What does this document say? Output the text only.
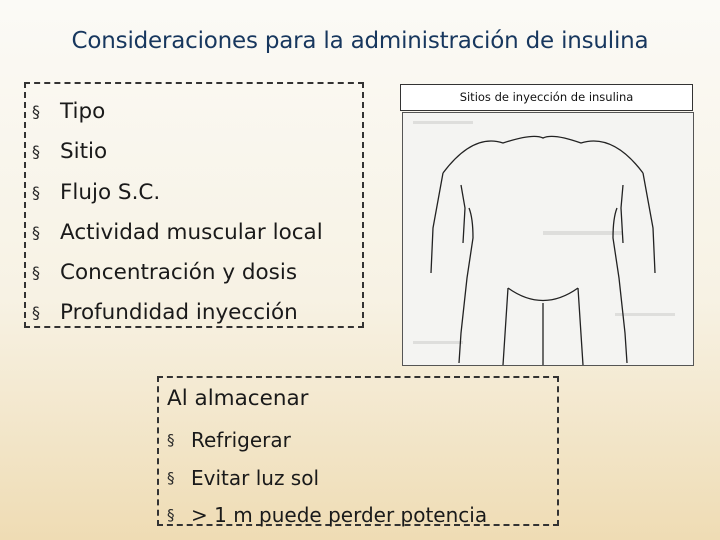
Consideraciones para la administración de insulina
§ Tipo
§ Sitio
§ Flujo S.C.
§ Actividad muscular local
§ Concentración y dosis
§ Profundidad inyección
Sitios de inyección de insulina
Al almacenar
§ Refrigerar
§ Evitar luz sol
§ > 1 m puede perder potencia
